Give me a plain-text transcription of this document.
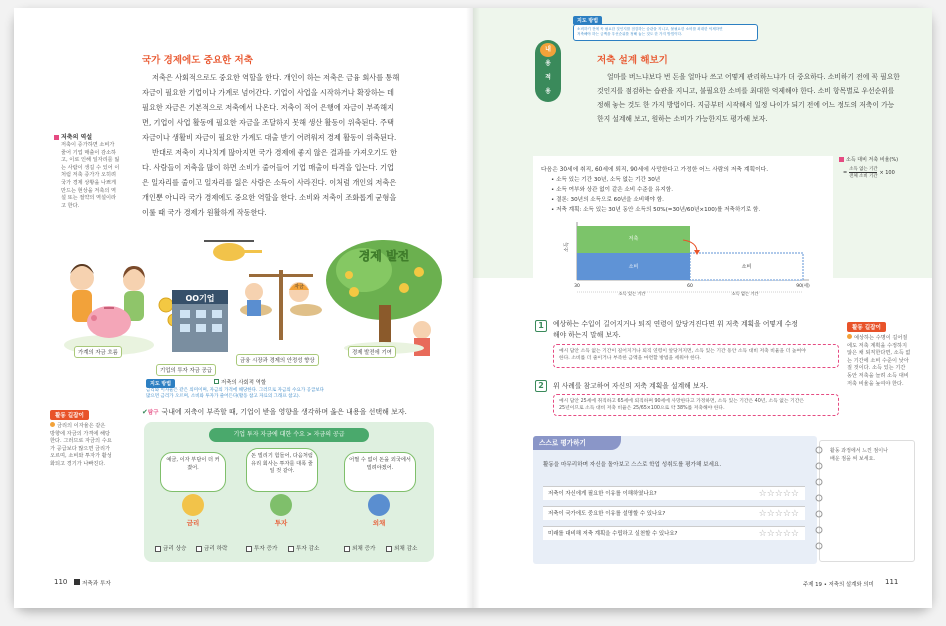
국가 경제에도 중요한 저축
저축은 사회적으로도 중요한 역할을 한다. 개인이 하는 저축은 금융 회사를 통해
자금이 필요한 기업이나 가계로 넘어간다. 기업이 사업을 시작하거나 확장하는 데
필요한 자금은 기본적으로 저축에서 나온다. 저축이 적어 은행에 자금이 부족해지
면, 기업이 사업 활동에 필요한 자금을 조달하지 못해 생산 활동이 위축된다. 주택
자금이나 생활비 자금이 필요한 가계도 대출 받기 어려워져 경제 활동이 위축된다.
반대로 저축이 지나치게 많아지면 국가 경제에 좋지 않은 결과를 가져오기도 한
다. 사람들이 저축을 많이 하면 소비가 줄어들어 기업 매출이 타격을 입는다. 기업
은 일자리를 줄이고 일자리를 잃은 사람은 소득이 사라진다. 이처럼 개인의 저축은
개인뿐 아니라 국가 경제에도 중요한 역할을 한다. 소비와 저축이 조화롭게 균형을
이룰 때 국가 경제가 원활하게 작동한다.
저축의 역설
저축이 증가하면 소비가
줄어 기업 매출이 감소하
고, 이로 인해 일자리를 잃
는 사람이 생길 수 있어 이
처럼 저축 증가가 오히려
국가 경제 상황을 나쁘게
만드는 현상을 저축의 역
설 또는 절약의 역설이라
고 한다.
OO기업
자금
경제 발전
가계의 자금 흐름
기업의 투자 자금 공급
금융 시장과 경제의 안정성 향상
경제 발전에 기여
저축의 사회적 역할
지도 방법
금리와 이자율은 같은 의미이며, 자금의 가격에 해당한다. 그러므로 자금의 수요가 공급보다
많으면 금리가 오르며, 소비와 투자가 줄어든다(활동 참고 자료의 그래프 참고).
활동 길잡이
금리의 이자율은 같은
방향에 자금의 가격에 해당
한다. 그러므로 자금의 수요
가 공급보다 많으면 금리가
오르며, 소비와 투자가 활성
화되고 경기가 나빠진다.
✔탐구 국내에 저축이 부족할 때, 기업이 받을 영향을 생각하며 옳은 내용을 선택해 보자.
기업 투자 자금에 대한 수요 > 자금의 공급
예금, 이자 부담이 더 커졌어.
돈 빌리기 힘들어, 다음처럼 유리 회사는 투자를 대폭 줄일 것 같아.
어쩔 수 없이 돈을 외국에서 빌려야겠어.
금리	투자	외채
금리 상승	금리 하락	투자 증가	투자 감소	외채 증가	외채 감소
110	저축과 투자
지도 방법
소비하기 전에 꼭 필요한 것인지를 점검하는 습관을 지니고, 불필요한 소비를 최대한 억제하면
저축해야 하는 금액을 우선순위를 정해 놓는 것도 한 가지 방법이다.
내
용
적
용
저축 설계 해보기
얼마를 버느냐보다 번 돈을 얼마나 쓰고 어떻게 관리하느냐가 더 중요하다. 소비하기 전에 꼭 필요한
것인지를 점검하는 습관을 지니고, 불필요한 소비를 최대한 억제해야 한다. 소비 항목별로 우선순위를
정해 놓는 것도 한 가지 방법이다. 지금부터 시작해서 일정 나이가 되기 전에 어느 정도의 저축이 가능
한지 설계해 보고, 원하는 소비가 가능한지도 평가해 보자.
다음은 30세에 취직, 60세에 퇴직, 90세에 사망한다고 가정한 어느 사람의 저축 계획이다.
• 소득 있는 기간 30년, 소득 없는 기간 30년
• 소득 여부와 상관 없이 같은 소비 수준을 유지함.
• 결론: 30년의 소득으로 60년을 소비해야 함.
• 저축 계획: 소득 있는 30년 동안 소득의 50%(=30년/60년×100)를 저축하기로 함.
소득
저축
소비	소비
30	60	90(세)
소득 있는 기간	소득 없는 기간
소득 대비 저축 비율(%)
= 소득 없는 기간
전체 소비 기간
× 100
1	예상하는 수입이 길어지거나 퇴직 연령이 앞당겨진다면 위 저축 계획을 어떻게 수정
해야 하는지 말해 보자.
예시 답안 소득 없는 기간이 길어지거나 퇴직 연령이 앞당겨지면, 소득 있는 기간 동안 소득 대비 저축 비율을 더 높여야
한다. 소비를 더 줄이거나 부족한 금액을 마련할 방법을 세워야 한다.
2	위 사례를 참고하여 자신의 저축 계획을 설계해 보자.
예시 답안 25세에 취직하고 65세에 퇴직하며 90세에 사망한다고 가정하면, 소득 있는 기간은 40년, 소득 없는 기간은
25년이므로 소득 대비 저축 비율은 25/65×100으로 약 38%를 저축해야 한다.
활동 길잡이
예상하는 수명이 길어질
에도 저축 계획을 수정하지
않은 채 퇴직한다면, 소득 없
는 기간에 소비 수준이 낮아
질 것이다. 소득 있는 기간
동안 저축을 늘려 소득 대비
저축 비율을 높여야 한다.
스스로 평가하기
활동을 마무리하며 자신을 돌아보고 스스로 학업 성취도를 평가해 보세요.
저축이 자신에게 필요한 이유를 이해하였나요?	☆☆☆☆☆
저축이 국가에도 중요한 이유를 설명할 수 있나요?	☆☆☆☆☆
미래를 대비해 저축 계획을 수립하고 실천할 수 있나요?	☆☆☆☆☆
활동 과정에서 느낀 점이나
배운 점을 써 보세요.
주제 19 • 저축의 설계와 의미 111
